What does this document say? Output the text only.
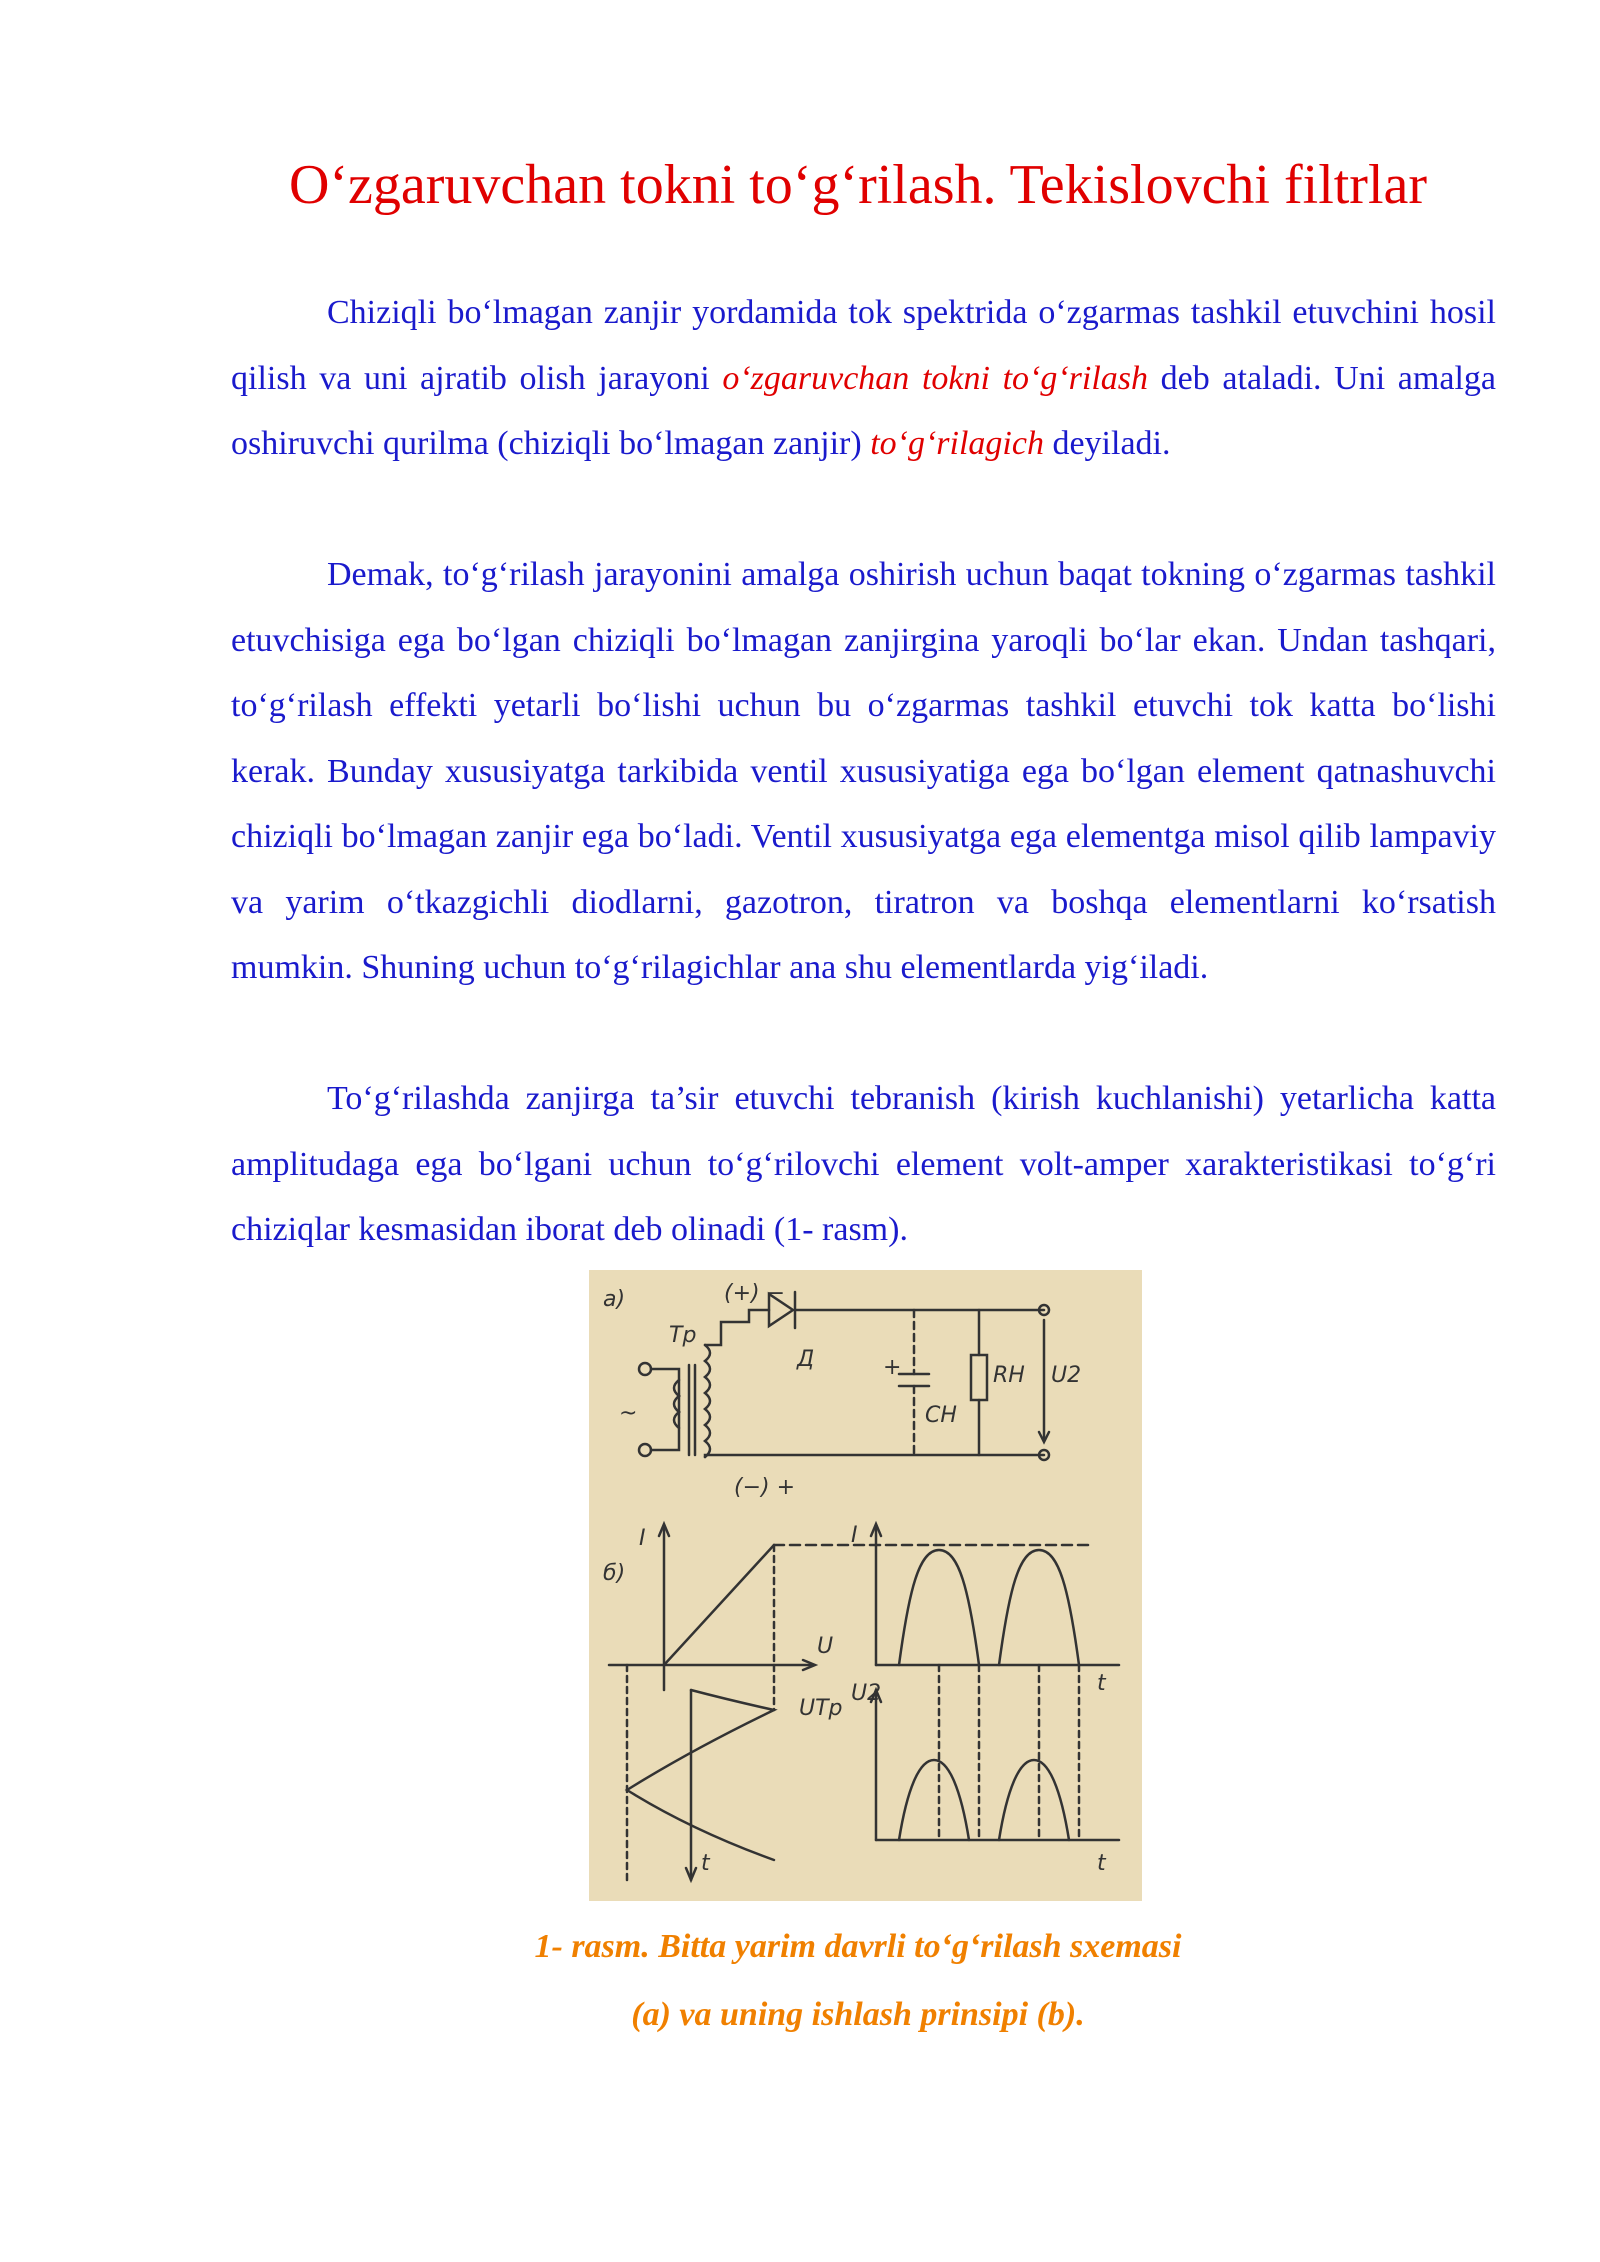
O‘zgaruvchan tokni to‘g‘rilash. Tekislovchi filtrlar

Chiziqli bo‘lmagan zanjir yordamida tok spektrida o‘zgarmas tashkil etuvchini hosil qilish va uni ajratib olish jarayoni o‘zgaruvchan tokni to‘g‘rilash deb ataladi. Uni amalga oshiruvchi qurilma (chiziqli bo‘lmagan zanjir) to‘g‘rilagich deyiladi.

Demak, to‘g‘rilash jarayonini amalga oshirish uchun baqat tokning o‘zgarmas tashkil etuvchisiga ega bo‘lgan chiziqli bo‘lmagan zanjirgina yaroqli bo‘lar ekan. Undan tashqari, to‘g‘rilash effekti yetarli bo‘lishi uchun bu o‘zgarmas tashkil etuvchi tok katta bo‘lishi kerak. Bunday xususiyatga tarkibida ventil xususiyatiga ega bo‘lgan element qatnashuvchi chiziqli bo‘lmagan zanjir ega bo‘ladi. Ventil xususiyatga ega elementga misol qilib lampaviy va yarim o‘tkazgichli diodlarni, gazotron, tiratron va boshqa elementlarni ko‘rsatish mumkin. Shuning uchun to‘g‘rilagichlar ana shu elementlarda yig‘iladi.

To‘g‘rilashda zanjirga ta’sir etuvchi tebranish (kirish kuchlanishi) yetarlicha katta amplitudaga ega bo‘lgani uchun to‘g‘rilovchi element volt-amper xarakteristikasi to‘g‘ri chiziqlar kesmasidan iborat deb olinadi (1- rasm).

a)	(+) −
Tp
Д	+
CH
RH U2
~
(−) +
б)
I
U
I
t
UTp
U2
t
t

1- rasm. Bitta yarim davrli to‘g‘rilash sxemasi

(a) va uning ishlash prinsipi (b).
